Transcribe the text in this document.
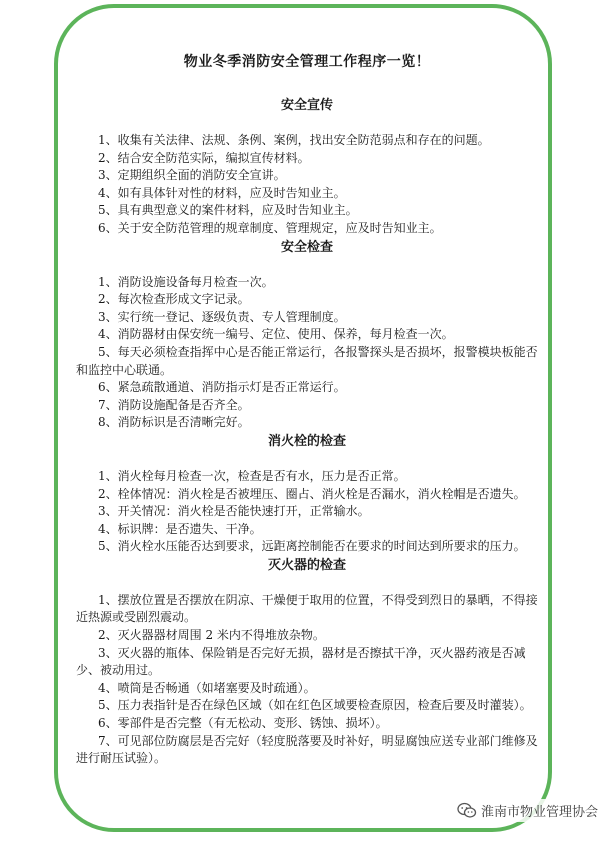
物业冬季消防安全管理工作程序一览！
安全宣传

1、收集有关法律、法规、条例、案例，找出安全防范弱点和存在的问题。

2、结合安全防范实际，编拟宣传材料。

3、定期组织全面的消防安全宣讲。

4、如有具体针对性的材料，应及时告知业主。

5、具有典型意义的案件材料，应及时告知业主。

6、关于安全防范管理的规章制度、管理规定，应及时告知业主。

安全检查

1、消防设施设备每月检查一次。

2、每次检查形成文字记录。

3、实行统一登记、逐级负责、专人管理制度。

4、消防器材由保安统一编号、定位、使用、保养，每月检查一次。

5、每天必须检查指挥中心是否能正常运行，各报警探头是否损坏，报警模块板能否和监控中心联通。

6、紧急疏散通道、消防指示灯是否正常运行。

7、消防设施配备是否齐全。

8、消防标识是否清晰完好。

消火栓的检查

1、消火栓每月检查一次，检查是否有水，压力是否正常。

2、栓体情况：消火栓是否被埋压、圈占、消火栓是否漏水，消火栓帽是否遗失。

3、开关情况：消火栓是否能快速打开，正常输水。

4、标识牌：是否遗失、干净。

5、消火栓水压能否达到要求，远距离控制能否在要求的时间达到所要求的压力。

灭火器的检查

1、摆放位置是否摆放在阴凉、干燥便于取用的位置，不得受到烈日的暴晒，不得接近热源或受剧烈震动。

2、灭火器器材周围 2 米内不得堆放杂物。

3、灭火器的瓶体、保险销是否完好无损，器材是否擦拭干净，灭火器药液是否减少、被动用过。

4、喷筒是否畅通（如堵塞要及时疏通）。

5、压力表指针是否在绿色区域（如在红色区域要检查原因，检查后要及时灌装）。

6、零部件是否完整（有无松动、变形、锈蚀、损坏）。

7、可见部位防腐层是否完好（轻度脱落要及时补好，明显腐蚀应送专业部门维修及进行耐压试验）。

淮南市物业管理协会
